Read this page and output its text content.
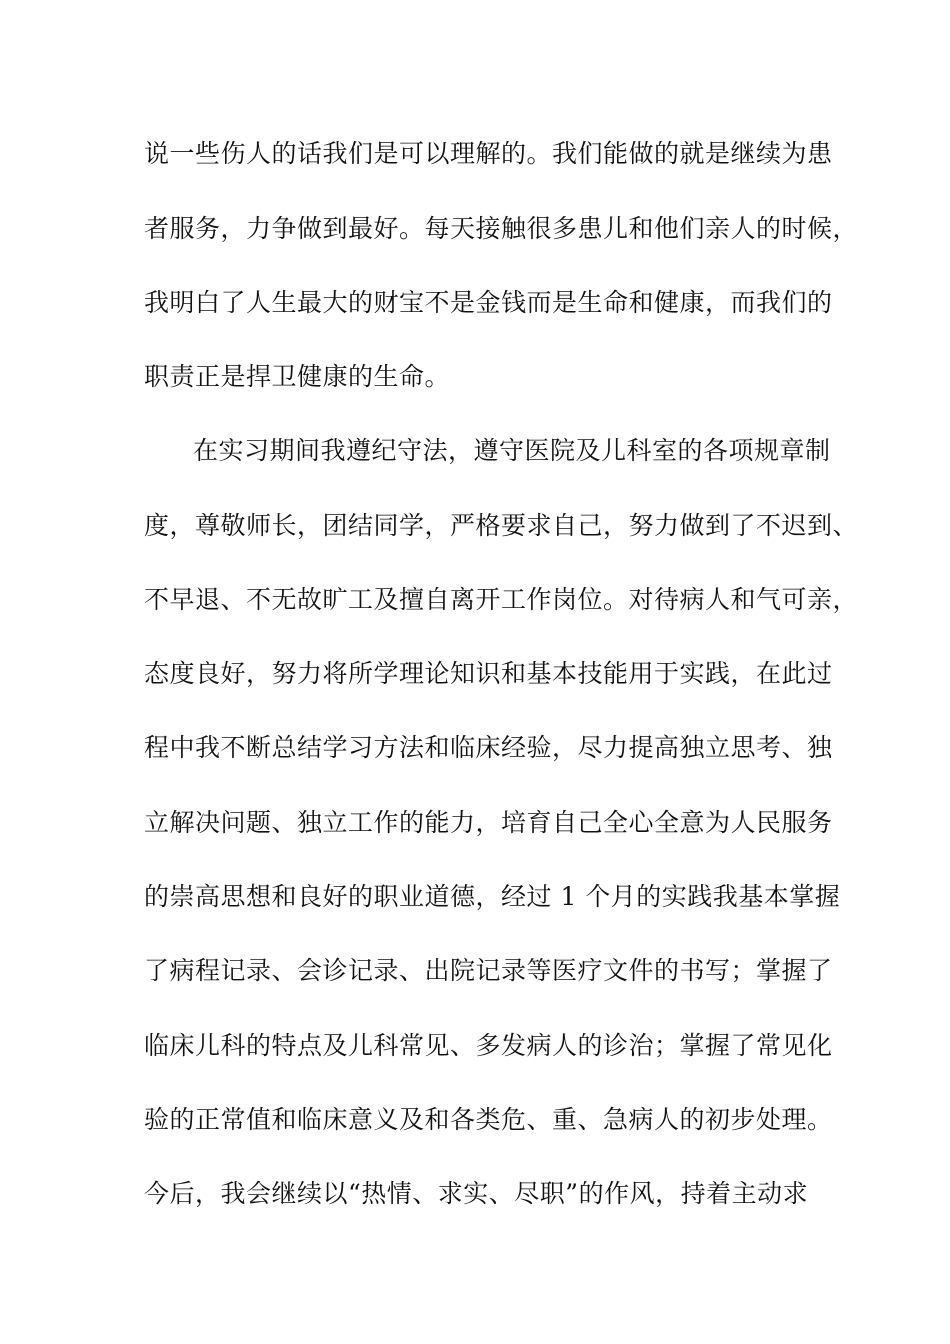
说一些伤人的话我们是可以理解的。我们能做的就是继续为患
者服务，力争做到最好。每天接触很多患儿和他们亲人的时候，
我明白了人生最大的财宝不是金钱而是生命和健康，而我们的
职责正是捍卫健康的生命。
在实习期间我遵纪守法，遵守医院及儿科室的各项规章制
度，尊敬师长，团结同学，严格要求自己，努力做到了不迟到、
不早退、不无故旷工及擅自离开工作岗位。对待病人和气可亲，
态度良好，努力将所学理论知识和基本技能用于实践，在此过
程中我不断总结学习方法和临床经验，尽力提高独立思考、独
立解决问题、独立工作的能力，培育自己全心全意为人民服务
的崇高思想和良好的职业道德，经过 1 个月的实践我基本掌握
了病程记录、会诊记录、出院记录等医疗文件的书写；掌握了
临床儿科的特点及儿科常见、多发病人的诊治；掌握了常见化
验的正常值和临床意义及和各类危、重、急病人的初步处理。
今后，我会继续以“热情、求实、尽职”的作风，持着主动求
